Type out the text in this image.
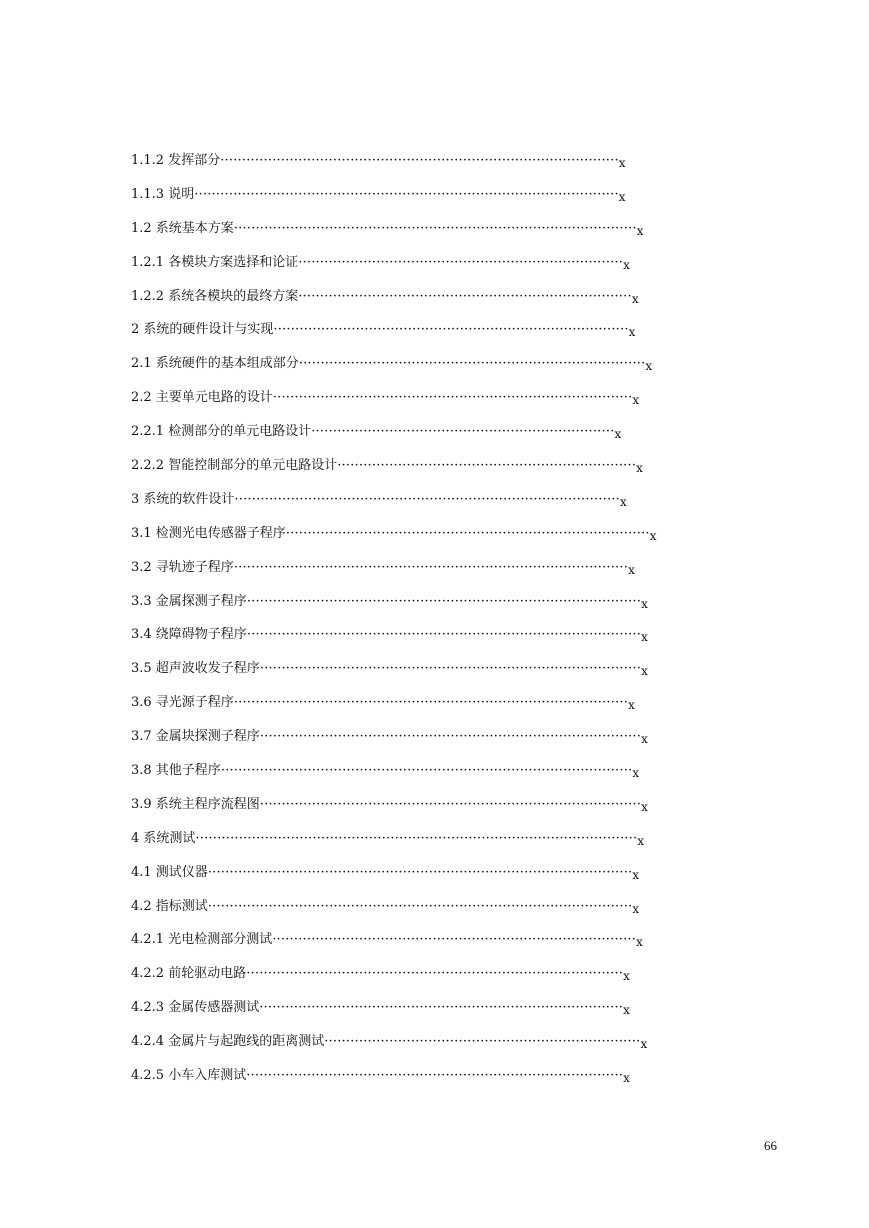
1.1.2 发挥部分····························································································x
1.1.3 说明··································································································x
1.2 系统基本方案·····························································································x
1.2.1 各模块方案选择和论证···········································································x
1.2.2 系统各模块的最终方案·············································································x
2 系统的硬件设计与实现··················································································x
2.1 系统硬件的基本组成部分················································································x
2.2 主要单元电路的设计···················································································x
2.2.1 检测部分的单元电路设计······································································x
2.2.2 智能控制部分的单元电路设计·····································································x
3 系统的软件设计·························································································x
3.1 检测光电传感器子程序····················································································x
3.2 寻轨迹子程序···························································································x
3.3 金属探测子程序···························································································x
3.4 绕障碍物子程序···························································································x
3.5 超声波收发子程序························································································x
3.6 寻光源子程序···························································································x
3.7 金属块探测子程序························································································x
3.8 其他子程序·······························································································x
3.9 系统主程序流程图························································································x
4 系统测试······································································································x
4.1 测试仪器··································································································x
4.2 指标测试··································································································x
4.2.1 光电检测部分测试····················································································x
4.2.2 前轮驱动电路·······················································································x
4.2.3 金属传感器测试····················································································x
4.2.4 金属片与起跑线的距离测试·········································································x
4.2.5 小车入库测试·······················································································x
66
